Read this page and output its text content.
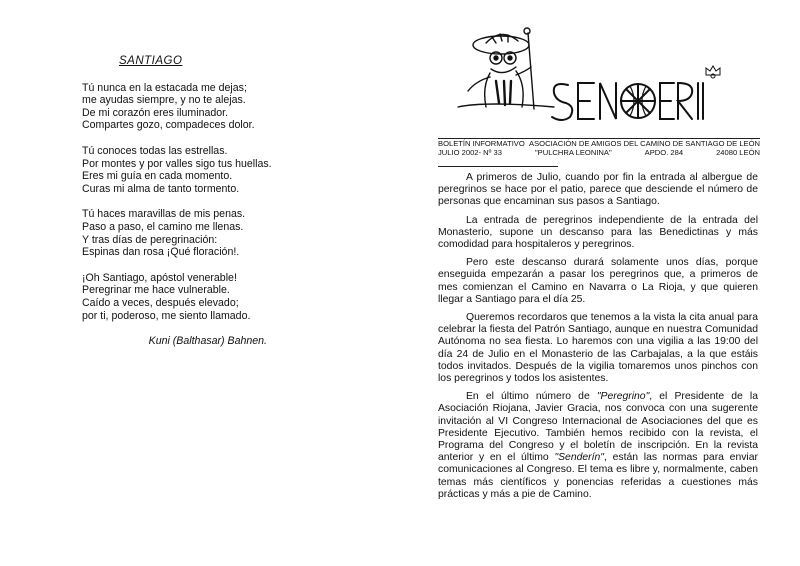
SANTIAGO
Tú nunca en la estacada me dejas;
me ayudas siempre, y no te alejas.
De mi corazón eres iluminador.
Compartes gozo, compadeces dolor.
Tú conoces todas las estrellas.
Por montes y por valles sigo tus huellas.
Eres mi guía en cada momento.
Curas mi alma de tanto tormento.
Tú haces maravillas de mis penas.
Paso a paso, el camino me llenas.
Y tras días de peregrinación:
Espinas dan rosa ¡Qué floración!.
¡Oh Santiago, apóstol venerable!
Peregrinar me hace vulnerable.
Caído a veces, después elevado;
por ti, poderoso, me siento llamado.
Kuni (Balthasar) Bahnen.
BOLETÍN INFORMATIVO ASOCIACIÓN DE AMIGOS DEL CAMINO DE SANTIAGO DE LEÓN
JULIO 2002- Nº 33	"PULCHRA LEONINA"	APDO. 284	24080 LEÓN

A primeros de Julio, cuando por fin la entrada al albergue de peregrinos se hace por el patio, parece que desciende el número de personas que encaminan sus pasos a Santiago.

La entrada de peregrinos independiente de la entrada del Monasterio, supone un descanso para las Benedictinas y más comodidad para hospitaleros y peregrinos.

Pero este descanso durará solamente unos días, porque enseguida empezarán a pasar los peregrinos que, a primeros de mes comienzan el Camino en Navarra o La Rioja, y que quieren llegar a Santiago para el día 25.

Queremos recordaros que tenemos a la vista la cita anual para celebrar la fiesta del Patrón Santiago, aunque en nuestra Comunidad Autónoma no sea fiesta. Lo haremos con una vigilia a las 19:00 del día 24 de Julio en el Monasterio de las Carbajalas, a la que estáis todos invitados. Después de la vigilia tomaremos unos pinchos con los peregrinos y todos los asistentes.

En el último número de "Peregrino", el Presidente de la Asociación Riojana, Javier Gracia, nos convoca con una sugerente invitación al VI Congreso Internacional de Asociaciones del que es Presidente Ejecutivo. También hemos recibido con la revista, el Programa del Congreso y el boletín de inscripción. En la revista anterior y en el último "Senderín", están las normas para enviar comunicaciones al Congreso. El tema es libre y, normalmente, caben temas más científicos y ponencias referidas a cuestiones más prácticas y más a pie de Camino.
